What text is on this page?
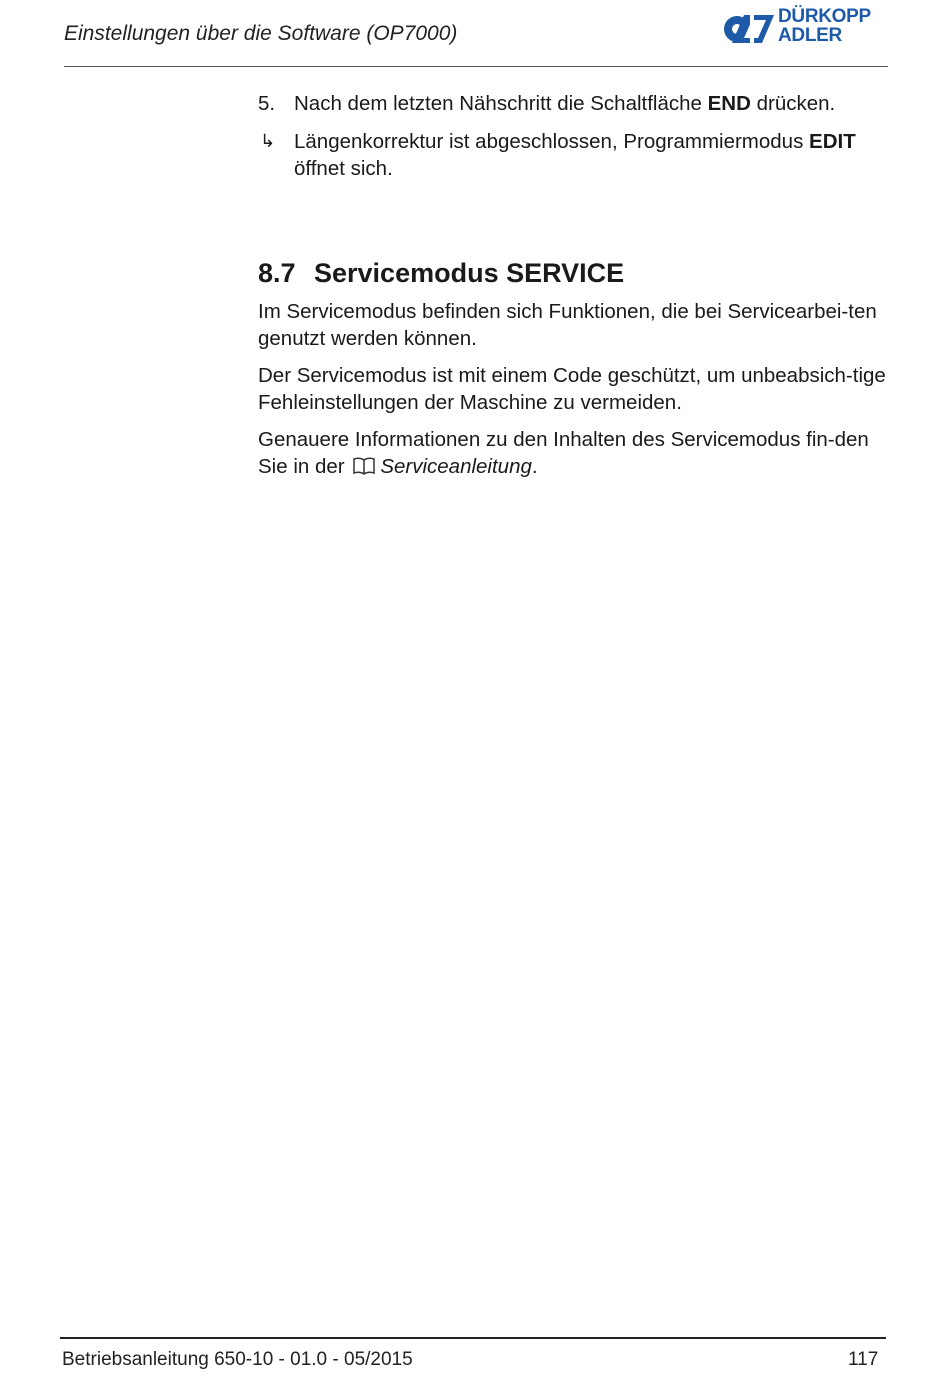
Einstellungen über die Software (OP7000)
DÜRKOPP
ADLER
5. Nach dem letzten Nähschritt die Schaltfläche END drücken.
↳ Längenkorrektur ist abgeschlossen, Programmiermodus EDIT öffnet sich.
8.7 Servicemodus SERVICE

Im Servicemodus befinden sich Funktionen, die bei Servicearbei-ten genutzt werden können.

Der Servicemodus ist mit einem Code geschützt, um unbeabsich-tige Fehleinstellungen der Maschine zu vermeiden.

Genauere Informationen zu den Inhalten des Servicemodus fin-den Sie in der Serviceanleitung.

Betriebsanleitung 650-10 - 01.0 - 05/2015	117
